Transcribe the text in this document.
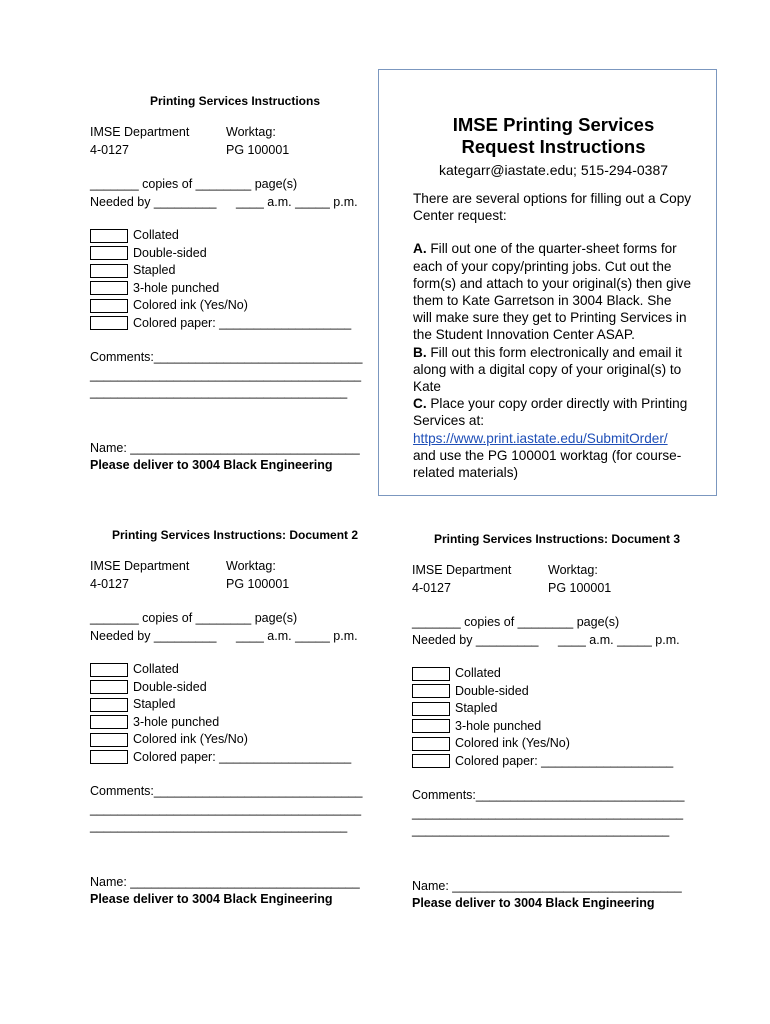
Printing Services Instructions
IMSE Department
4-0127
Worktag:
PG 100001
_______ copies of ________ page(s)
Needed by _________	____ a.m. _____ p.m.
Collated
Double-sided
Stapled
3-hole punched
Colored ink (Yes/No)
Colored paper: ___________________
Comments:______________________________
_______________________________________
_____________________________________
Name: _________________________________
Please deliver to 3004 Black Engineering
IMSE Printing Services
Request Instructions
kategarr@iastate.edu; 515-294-0387

There are several options for filling out a Copy Center request:

A. Fill out one of the quarter-sheet forms for each of your copy/printing jobs. Cut out the form(s) and attach to your original(s) then give them to Kate Garretson in 3004 Black. She will make sure they get to Printing Services in the Student Innovation Center ASAP.

B. Fill out this form electronically and email it along with a digital copy of your original(s) to Kate

C. Place your copy order directly with Printing Services at:

https://www.print.iastate.edu/SubmitOrder/

and use the PG 100001 worktag (for course-related materials)

Printing Services Instructions: Document 2
IMSE Department
4-0127
Worktag:
PG 100001
_______ copies of ________ page(s)
Needed by _________	____ a.m. _____ p.m.
Collated
Double-sided
Stapled
3-hole punched
Colored ink (Yes/No)
Colored paper: ___________________
Comments:______________________________
_______________________________________
_____________________________________
Name: _________________________________
Please deliver to 3004 Black Engineering
Printing Services Instructions: Document 3
IMSE Department
4-0127
Worktag:
PG 100001
_______ copies of ________ page(s)
Needed by _________	____ a.m. _____ p.m.
Collated
Double-sided
Stapled
3-hole punched
Colored ink (Yes/No)
Colored paper: ___________________
Comments:______________________________
_______________________________________
_____________________________________
Name: _________________________________
Please deliver to 3004 Black Engineering
